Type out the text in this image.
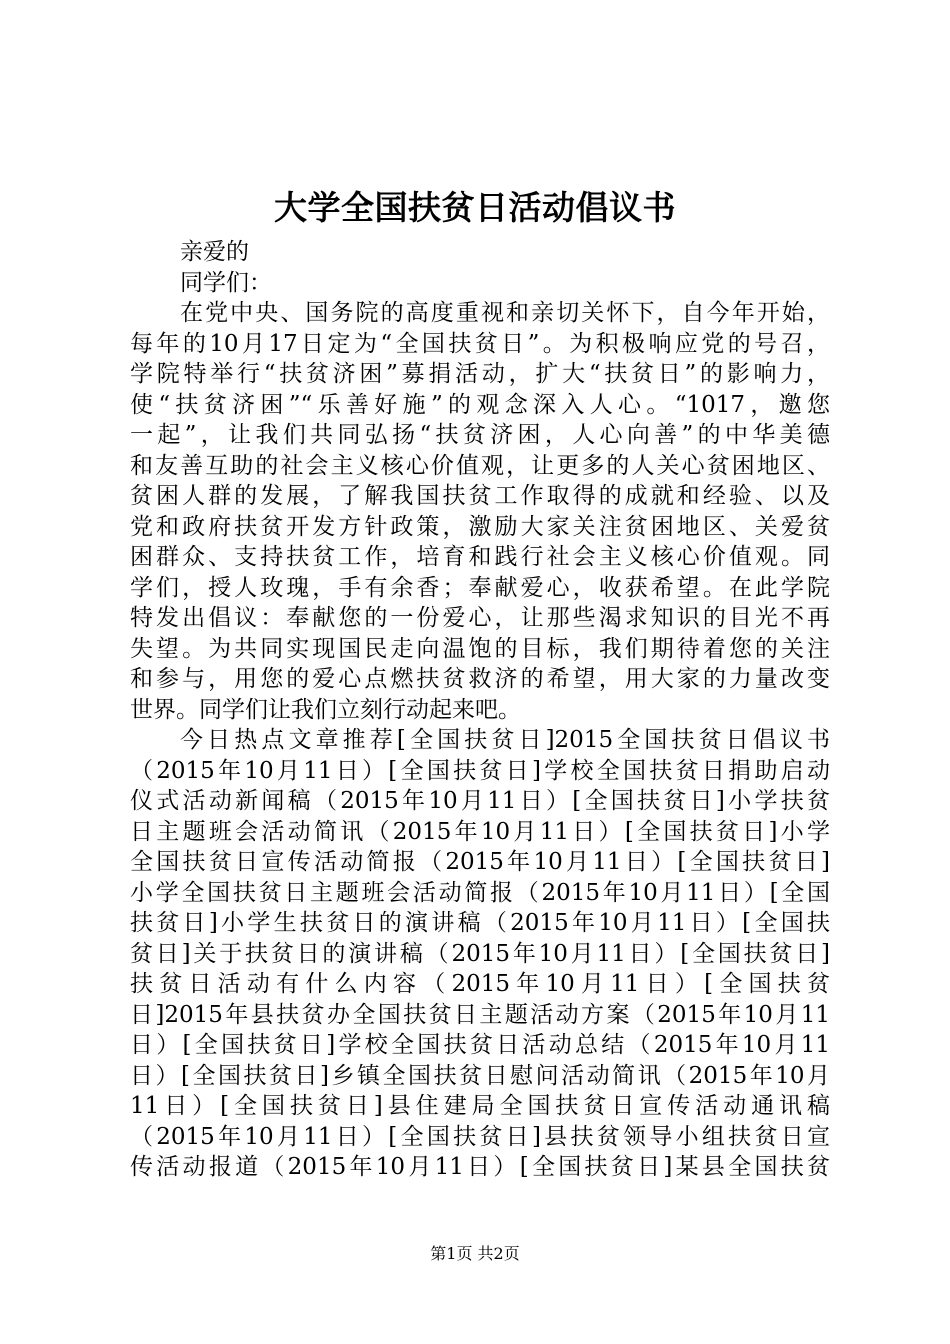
大学全国扶贫日活动倡议书

亲爱的

同学们：

在党中央、国务院的高度重视和亲切关怀下，自今年开始，

每年的10月17日定为“全国扶贫日”。为积极响应党的号召，

学院特举行“扶贫济困”募捐活动，扩大“扶贫日”的影响力，

使“扶贫济困”“乐善好施”的观念深入人心。“1017，邀您

一起”，让我们共同弘扬“扶贫济困，人心向善”的中华美德

和友善互助的社会主义核心价值观，让更多的人关心贫困地区、

贫困人群的发展，了解我国扶贫工作取得的成就和经验、以及

党和政府扶贫开发方针政策，激励大家关注贫困地区、关爱贫

困群众、支持扶贫工作，培育和践行社会主义核心价值观。同

学们，授人玫瑰，手有余香；奉献爱心，收获希望。在此学院

特发出倡议：奉献您的一份爱心，让那些渴求知识的目光不再

失望。为共同实现国民走向温饱的目标，我们期待着您的关注

和参与，用您的爱心点燃扶贫救济的希望，用大家的力量改变

世界。同学们让我们立刻行动起来吧。

今日热点文章推荐[全国扶贫日]2015全国扶贫日倡议书

（2015年10月11日）[全国扶贫日]学校全国扶贫日捐助启动

仪式活动新闻稿（2015年10月11日）[全国扶贫日]小学扶贫

日主题班会活动简讯（2015年10月11日）[全国扶贫日]小学

全国扶贫日宣传活动简报（2015年10月11日）[全国扶贫日]

小学全国扶贫日主题班会活动简报（2015年10月11日）[全国

扶贫日]小学生扶贫日的演讲稿（2015年10月11日）[全国扶

贫日]关于扶贫日的演讲稿（2015年10月11日）[全国扶贫日]

扶贫日活动有什么内容（2015年10月11日）[全国扶贫

日]2015年县扶贫办全国扶贫日主题活动方案（2015年10月11

日）[全国扶贫日]学校全国扶贫日活动总结（2015年10月11

日）[全国扶贫日]乡镇全国扶贫日慰问活动简讯（2015年10月

11日）[全国扶贫日]县住建局全国扶贫日宣传活动通讯稿

（2015年10月11日）[全国扶贫日]县扶贫领导小组扶贫日宣

传活动报道（2015年10月11日）[全国扶贫日]某县全国扶贫

第1页 共2页
